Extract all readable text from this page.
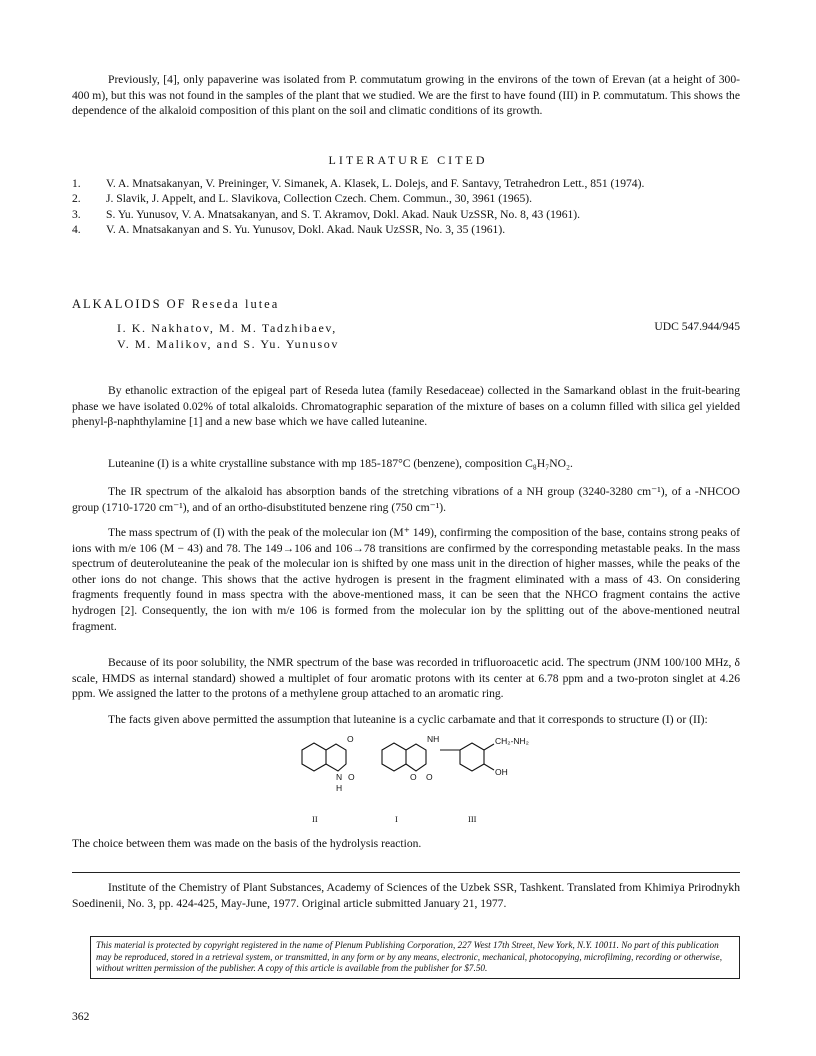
Previously, [4], only papaverine was isolated from P. commutatum growing in the environs of the town of Erevan (at a height of 300-400 m), but this was not found in the samples of the plant that we studied. We are the first to have found (III) in P. commutatum. This shows the dependence of the alkaloid composition of this plant on the soil and climatic conditions of its growth.

LITERATURE CITED
1.	V. A. Mnatsakanyan, V. Preininger, V. Simanek, A. Klasek, L. Dolejs, and F. Santavy, Tetrahedron Lett., 851 (1974).
2.	J. Slavik, J. Appelt, and L. Slavikova, Collection Czech. Chem. Commun., 30, 3961 (1965).
3.	S. Yu. Yunusov, V. A. Mnatsakanyan, and S. T. Akramov, Dokl. Akad. Nauk UzSSR, No. 8, 43 (1961).
4.	V. A. Mnatsakanyan and S. Yu. Yunusov, Dokl. Akad. Nauk UzSSR, No. 3, 35 (1961).
ALKALOIDS OF Reseda lutea
I. K. Nakhatov, M. M. Tadzhibaev,
V. M. Malikov, and S. Yu. Yunusov
UDC 547.944/945

By ethanolic extraction of the epigeal part of Reseda lutea (family Resedaceae) collected in the Samarkand oblast in the fruit-bearing phase we have isolated 0.02% of total alkaloids. Chromatographic separation of the mixture of bases on a column filled with silica gel yielded phenyl-β-naphthylamine [1] and a new base which we have called luteanine.

Luteanine (I) is a white crystalline substance with mp 185-187°C (benzene), composition C₈H₇NO₂.

The IR spectrum of the alkaloid has absorption bands of the stretching vibrations of a NH group (3240-3280 cm⁻¹), of a -NHCOO group (1710-1720 cm⁻¹), and of an ortho-disubstituted benzene ring (750 cm⁻¹).

The mass spectrum of (I) with the peak of the molecular ion (M⁺ 149), confirming the composition of the base, contains strong peaks of ions with m/e 106 (M − 43) and 78. The 149→106 and 106→78 transitions are confirmed by the corresponding metastable peaks. In the mass spectrum of deuteroluteanine the peak of the molecular ion is shifted by one mass unit in the direction of higher masses, while the peaks of the other ions do not change. This shows that the active hydrogen is present in the fragment eliminated with a mass of 43. On considering fragments frequently found in mass spectra with the above-mentioned mass, it can be seen that the NHCO fragment contains the active hydrogen [2]. Consequently, the ion with m/e 106 is formed from the molecular ion by the splitting out of the above-mentioned neutral fragment.

Because of its poor solubility, the NMR spectrum of the base was recorded in trifluoroacetic acid. The spectrum (JNM 100/100 MHz, δ scale, HMDS as internal standard) showed a multiplet of four aromatic protons with its center at 6.78 ppm and a two-proton singlet at 4.26 ppm. We assigned the latter to the protons of a methylene group attached to an aromatic ring.

The facts given above permitted the assumption that luteanine is a cyclic carbamate and that it corresponds to structure (I) or (II):

O
N O
H
NH
O O
CH₂-NH₂
OH
II	I	III

The choice between them was made on the basis of the hydrolysis reaction.

Institute of the Chemistry of Plant Substances, Academy of Sciences of the Uzbek SSR, Tashkent. Translated from Khimiya Prirodnykh Soedinenii, No. 3, pp. 424-425, May-June, 1977. Original article submitted January 21, 1977.

This material is protected by copyright registered in the name of Plenum Publishing Corporation, 227 West 17th Street, New York, N.Y. 10011. No part of this publication may be reproduced, stored in a retrieval system, or transmitted, in any form or by any means, electronic, mechanical, photocopying, microfilming, recording or otherwise, without written permission of the publisher. A copy of this article is available from the publisher for $7.50.
362
